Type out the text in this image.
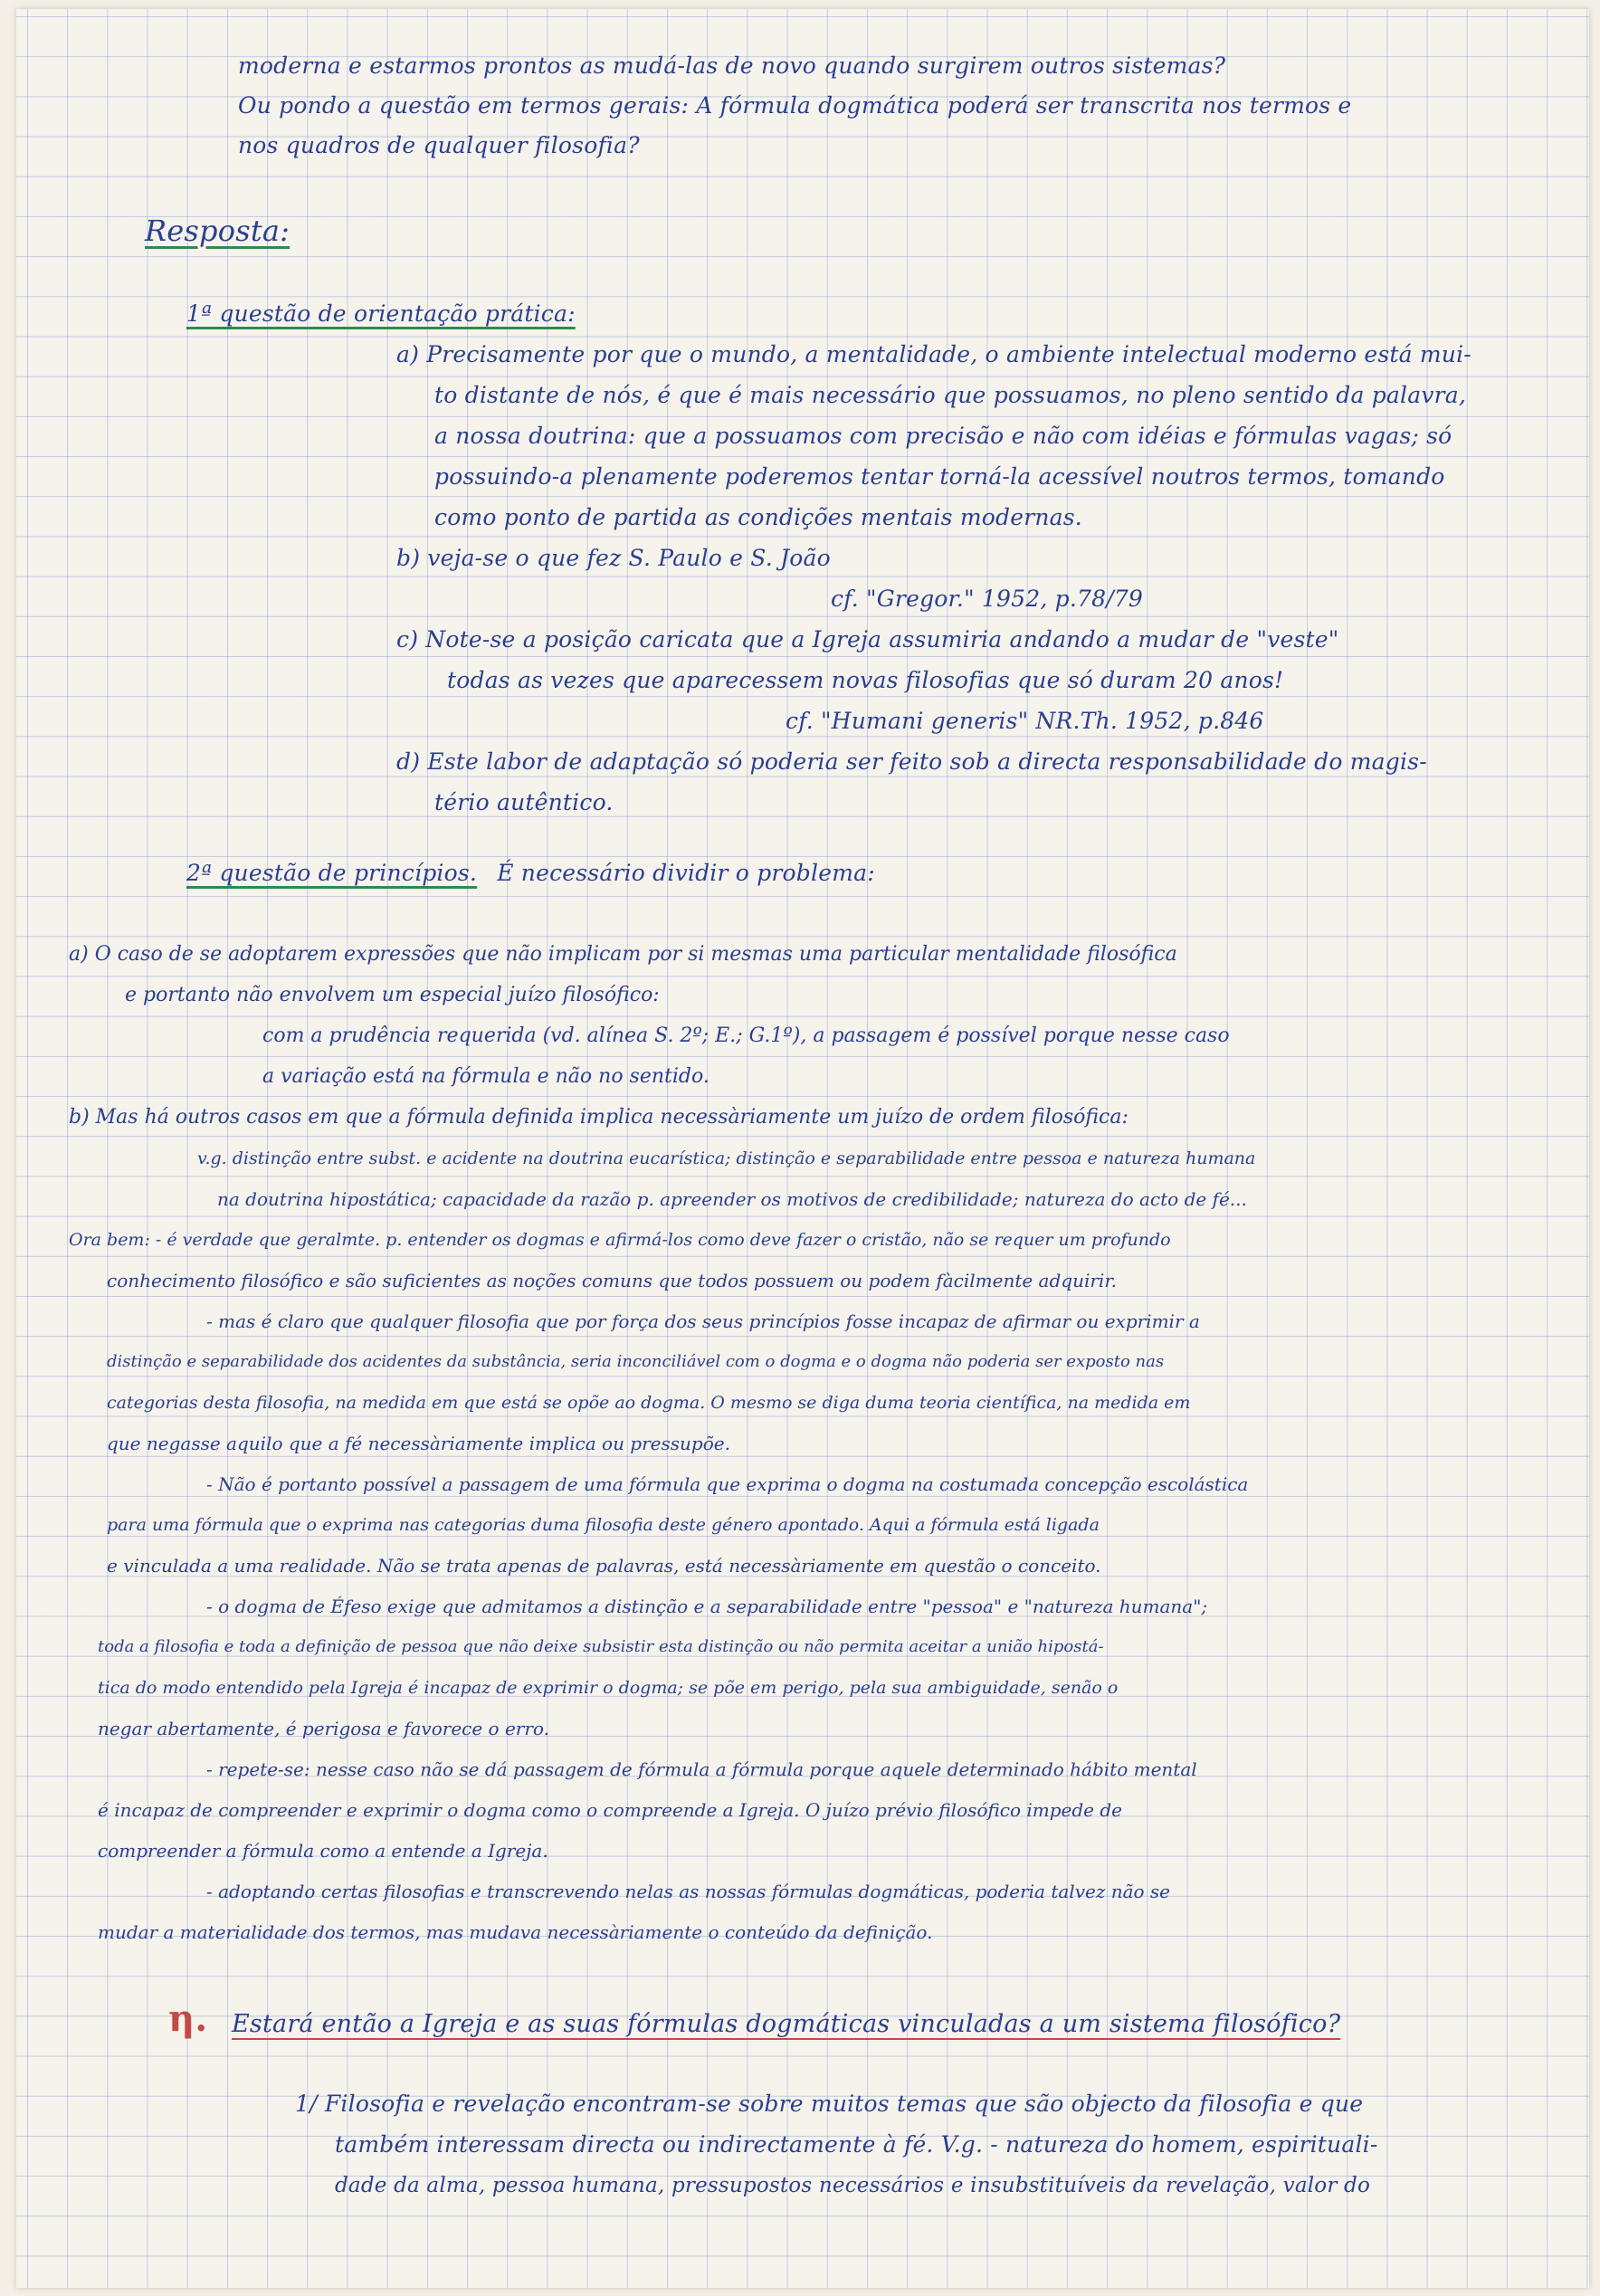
moderna e estarmos prontos as mudá-las de novo quando surgirem outros sistemas?
Ou pondo a questão em termos gerais: A fórmula dogmática poderá ser transcrita nos termos e
nos quadros de qualquer filosofia?
Resposta:
1ª questão de orientação prática:
a) Precisamente por que o mundo, a mentalidade, o ambiente intelectual moderno está mui-
to distante de nós, é que é mais necessário que possuamos, no pleno sentido da palavra,
a nossa doutrina: que a possuamos com precisão e não com idéias e fórmulas vagas; só
possuindo-a plenamente poderemos tentar torná-la acessível noutros termos, tomando
como ponto de partida as condições mentais modernas.
b) veja-se o que fez S. Paulo e S. João
cf. "Gregor." 1952, p.78/79
c) Note-se a posição caricata que a Igreja assumiria andando a mudar de "veste"
todas as vezes que aparecessem novas filosofias que só duram 20 anos!
cf. "Humani generis" NR.Th. 1952, p.846
d) Este labor de adaptação só poderia ser feito sob a directa responsabilidade do magis-
tério autêntico.
2ª questão de princípios. É necessário dividir o problema:
a) O caso de se adoptarem expressões que não implicam por si mesmas uma particular mentalidade filosófica
e portanto não envolvem um especial juízo filosófico:
com a prudência requerida (vd. alínea S. 2º; E.; G.1º), a passagem é possível porque nesse caso
a variação está na fórmula e não no sentido.
b) Mas há outros casos em que a fórmula definida implica necessàriamente um juízo de ordem filosófica:
v.g. distinção entre subst. e acidente na doutrina eucarística; distinção e separabilidade entre pessoa e natureza humana
na doutrina hipostática; capacidade da razão p. apreender os motivos de credibilidade; natureza do acto de fé...
Ora bem: - é verdade que geralmte. p. entender os dogmas e afirmá-los como deve fazer o cristão, não se requer um profundo
conhecimento filosófico e são suficientes as noções comuns que todos possuem ou podem fàcilmente adquirir.
- mas é claro que qualquer filosofia que por força dos seus princípios fosse incapaz de afirmar ou exprimir a
distinção e separabilidade dos acidentes da substância, seria inconciliável com o dogma e o dogma não poderia ser exposto nas
categorias desta filosofia, na medida em que está se opõe ao dogma. O mesmo se diga duma teoria científica, na medida em
que negasse aquilo que a fé necessàriamente implica ou pressupõe.
- Não é portanto possível a passagem de uma fórmula que exprima o dogma na costumada concepção escolástica
para uma fórmula que o exprima nas categorias duma filosofia deste género apontado. Aqui a fórmula está ligada
e vinculada a uma realidade. Não se trata apenas de palavras, está necessàriamente em questão o conceito.
- o dogma de Éfeso exige que admitamos a distinção e a separabilidade entre "pessoa" e "natureza humana";
toda a filosofia e toda a definição de pessoa que não deixe subsistir esta distinção ou não permita aceitar a união hipostá-
tica do modo entendido pela Igreja é incapaz de exprimir o dogma; se põe em perigo, pela sua ambiguidade, senão o
negar abertamente, é perigosa e favorece o erro.
- repete-se: nesse caso não se dá passagem de fórmula a fórmula porque aquele determinado hábito mental
é incapaz de compreender e exprimir o dogma como o compreende a Igreja. O juízo prévio filosófico impede de
compreender a fórmula como a entende a Igreja.
- adoptando certas filosofias e transcrevendo nelas as nossas fórmulas dogmáticas, poderia talvez não se
mudar a materialidade dos termos, mas mudava necessàriamente o conteúdo da definição.
η. Estará então a Igreja e as suas fórmulas dogmáticas vinculadas a um sistema filosófico?
1/ Filosofia e revelação encontram-se sobre muitos temas que são objecto da filosofia e que
também interessam directa ou indirectamente à fé. V.g. - natureza do homem, espirituali-
dade da alma, pessoa humana, pressupostos necessários e insubstituíveis da revelação, valor do
